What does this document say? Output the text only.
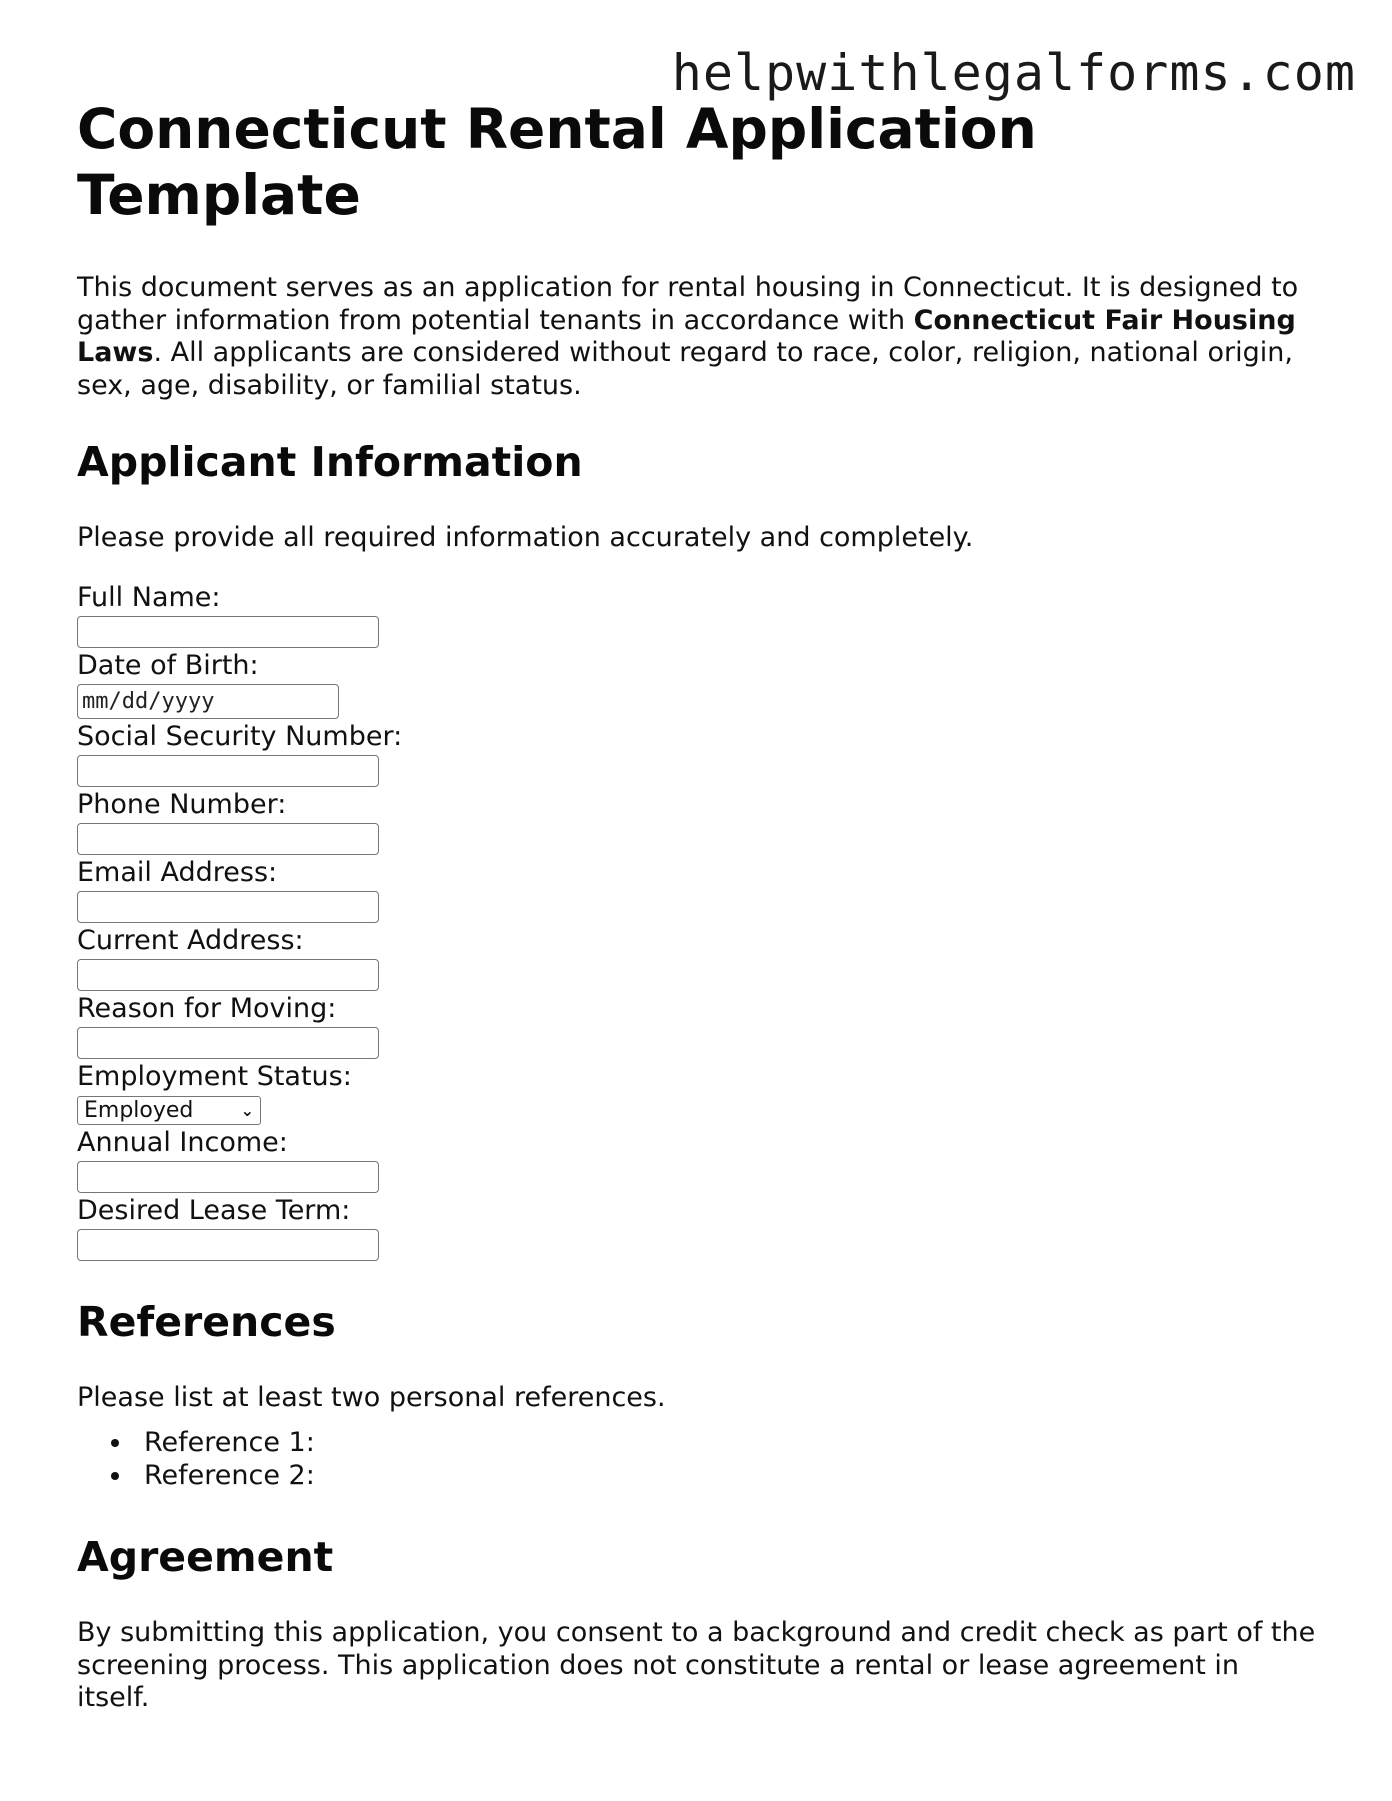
helpwithlegalforms.com
Connecticut Rental Application Template

This document serves as an application for rental housing in Connecticut. It is designed to gather information from potential tenants in accordance with Connecticut Fair Housing Laws. All applicants are considered without regard to race, color, religion, national origin, sex, age, disability, or familial status.

Applicant Information

Please provide all required information accurately and completely.

Full Name:
Date of Birth:
mm/dd/yyyy
Social Security Number:
Phone Number:
Email Address:
Current Address:
Reason for Moving:
Employment Status:
Employed	⌄
Annual Income:
Desired Lease Term:
References

Please list at least two personal references.

Reference 1:
Reference 2:
Agreement

By submitting this application, you consent to a background and credit check as part of the screening process. This application does not constitute a rental or lease agreement in itself.
